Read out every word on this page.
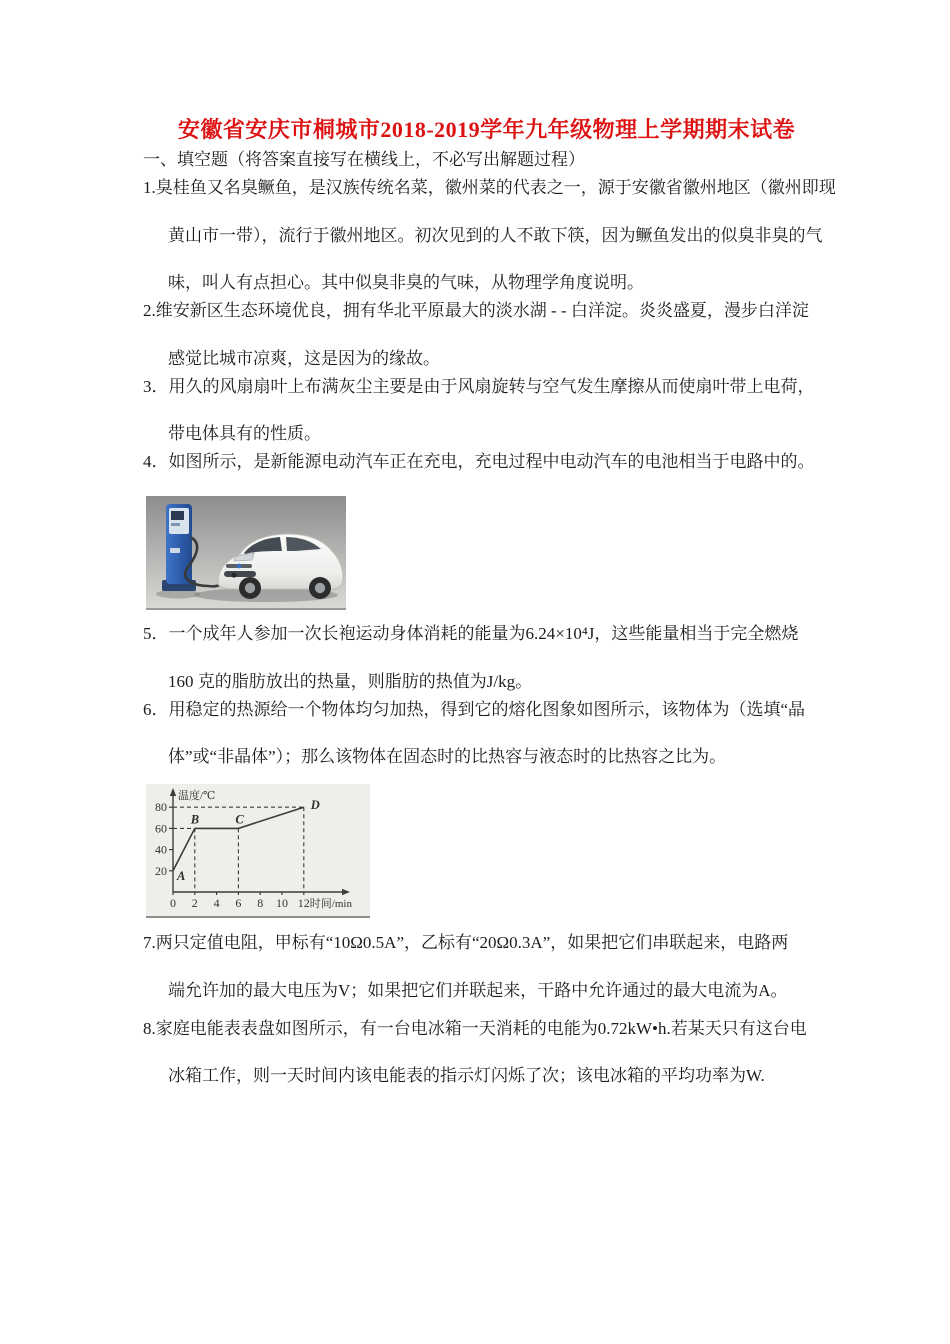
安徽省安庆市桐城市2018-2019学年九年级物理上学期期末试卷
一、填空题（将答案直接写在横线上，不必写出解题过程）
1.臭桂鱼又名臭鳜鱼，是汉族传统名菜，徽州菜的代表之一，源于安徽省徽州地区（徽州即现
黄山市一带），流行于徽州地区。初次见到的人不敢下筷，因为鳜鱼发出的似臭非臭的气
味，叫人有点担心。其中似臭非臭的气味，从物理学角度说明。
2.维安新区生态环境优良，拥有华北平原最大的淡水湖 - - 白洋淀。炎炎盛夏，漫步白洋淀
感觉比城市凉爽，这是因为的缘故。
3．用久的风扇扇叶上布满灰尘主要是由于风扇旋转与空气发生摩擦从而使扇叶带上电荷，
带电体具有的性质。
4．如图所示，是新能源电动汽车正在充电，充电过程中电动汽车的电池相当于电路中的。
5．一个成年人参加一次长袍运动身体消耗的能量为6.24×10⁴J，这些能量相当于完全燃烧
160 克的脂肪放出的热量，则脂肪的热值为J/kg。
6．用稳定的热源给一个物体均匀加热，得到它的熔化图象如图所示，该物体为（选填“晶
体”或“非晶体”）；那么该物体在固态时的比热容与液态时的比热容之比为。
温度/℃
时间/min
0 2 4 6 8 10 12
20
40
60
80
A
B	C
D
7.两只定值电阻，甲标有“10Ω0.5A”，乙标有“20Ω0.3A”，如果把它们串联起来，电路两
端允许加的最大电压为V；如果把它们并联起来，干路中允许通过的最大电流为A。
8.家庭电能表表盘如图所示，有一台电冰箱一天消耗的电能为0.72kW•h.若某天只有这台电
冰箱工作，则一天时间内该电能表的指示灯闪烁了次；该电冰箱的平均功率为W.
